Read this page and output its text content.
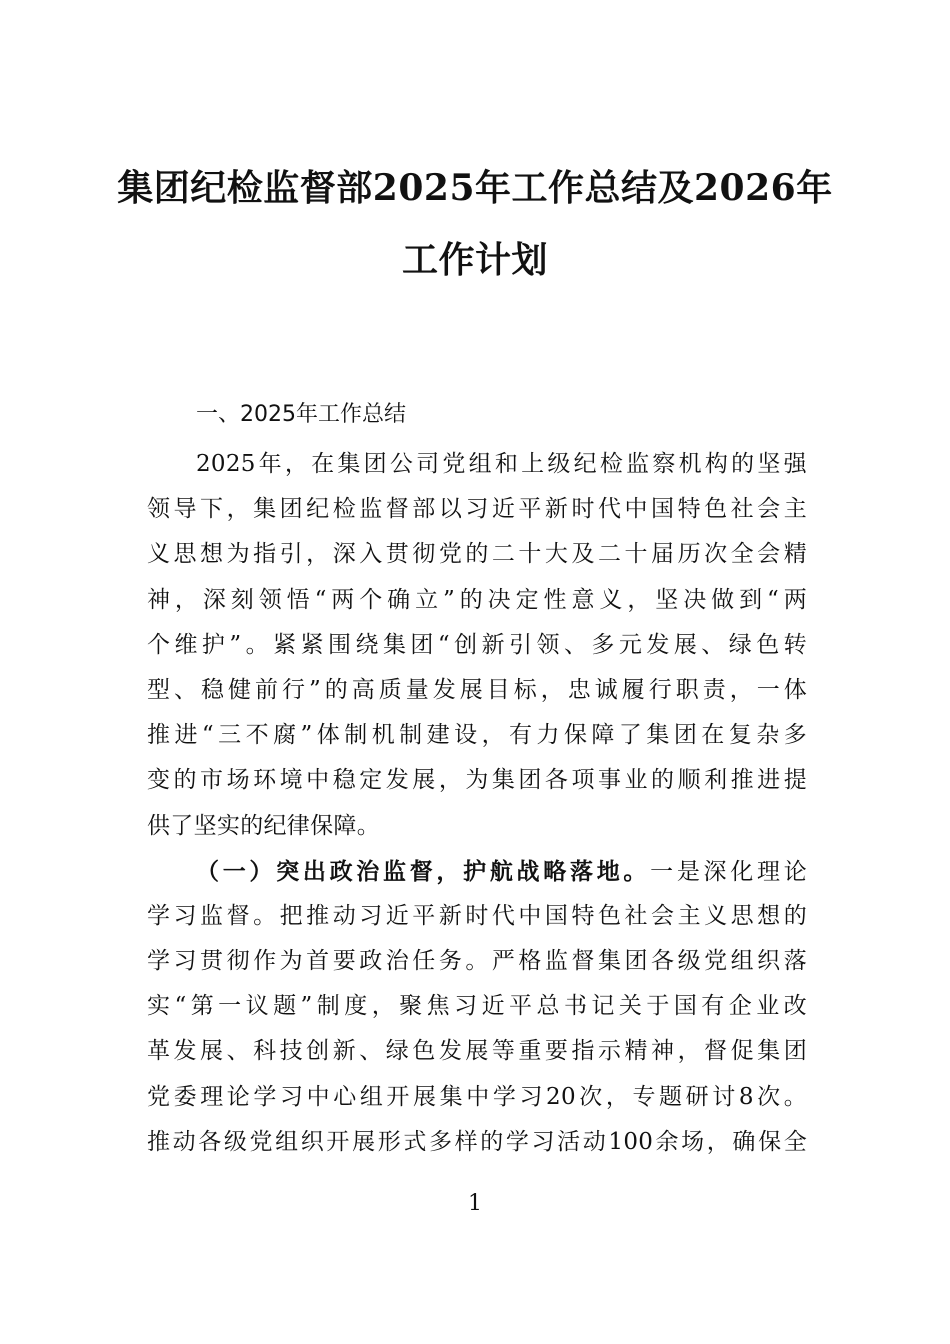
集团纪检监督部2025年工作总结及2026年
工作计划
一、2025年工作总结
2025年，在集团公司党组和上级纪检监察机构的坚强
领导下，集团纪检监督部以习近平新时代中国特色社会主
义思想为指引，深入贯彻党的二十大及二十届历次全会精
神，深刻领悟“两个确立”的决定性意义，坚决做到“两
个维护”。紧紧围绕集团“创新引领、多元发展、绿色转
型、稳健前行”的高质量发展目标，忠诚履行职责，一体
推进“三不腐”体制机制建设，有力保障了集团在复杂多
变的市场环境中稳定发展，为集团各项事业的顺利推进提
供了坚实的纪律保障。
（一）突出政治监督，护航战略落地。一是深化理论
学习监督。把推动习近平新时代中国特色社会主义思想的
学习贯彻作为首要政治任务。严格监督集团各级党组织落
实“第一议题”制度，聚焦习近平总书记关于国有企业改
革发展、科技创新、绿色发展等重要指示精神，督促集团
党委理论学习中心组开展集中学习20次，专题研讨8次。
推动各级党组织开展形式多样的学习活动100余场，确保全
1
